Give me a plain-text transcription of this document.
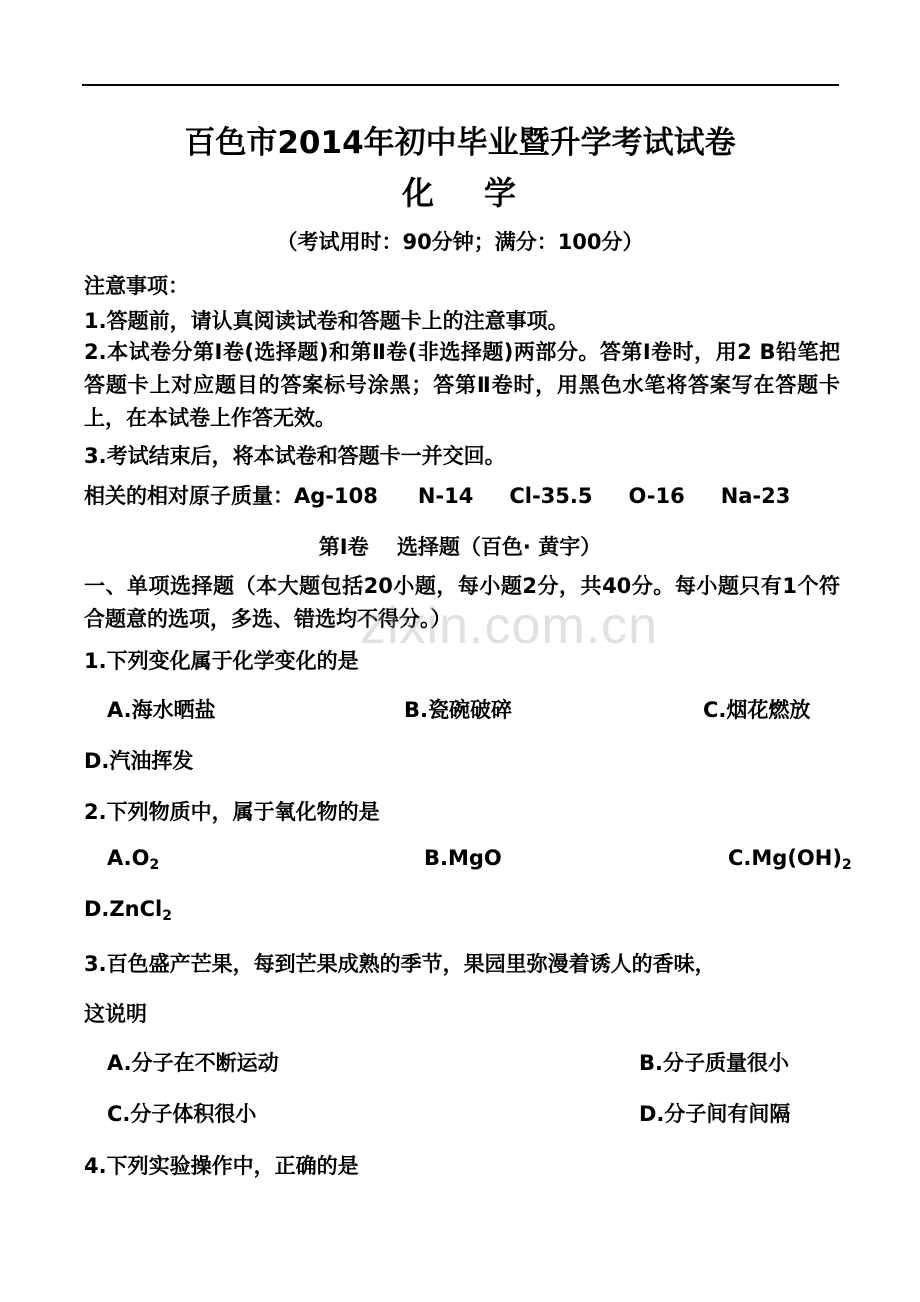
百色市2014年初中毕业暨升学考试试卷
化 学
（考试用时：90分钟；满分：100分）
注意事项：
1.答题前，请认真阅读试卷和答题卡上的注意事项。
2.本试卷分第Ⅰ卷(选择题)和第Ⅱ卷(非选择题)两部分。答第Ⅰ卷时，用2 B铅笔把答题卡上对应题目的答案标号涂黑；答第Ⅱ卷时，用黑色水笔将答案写在答题卡上，在本试卷上作答无效。
3.考试结束后，将本试卷和答题卡一并交回。
相关的相对原子质量：Ag-108 N-14 Cl-35.5 O-16 Na-23
第Ⅰ卷　 选择题（百色· 黄宇）
一、单项选择题（本大题包括20小题，每小题2分，共40分。每小题只有1个符合题意的选项，多选、错选均不得分。）
zixin.com.cn
1.下列变化属于化学变化的是
A.海水晒盐	B.瓷碗破碎	C.烟花燃放
D.汽油挥发
2.下列物质中，属于氧化物的是
$A.O_2$	B.MgO	$C.Mg(OH)_2$
D.ZnCl$_2$
3.百色盛产芒果，每到芒果成熟的季节，果园里弥漫着诱人的香味，
这说明
A.分子在不断运动	B.分子质量很小
C.分子体积很小	D.分子间有间隔
4.下列实验操作中，正确的是
